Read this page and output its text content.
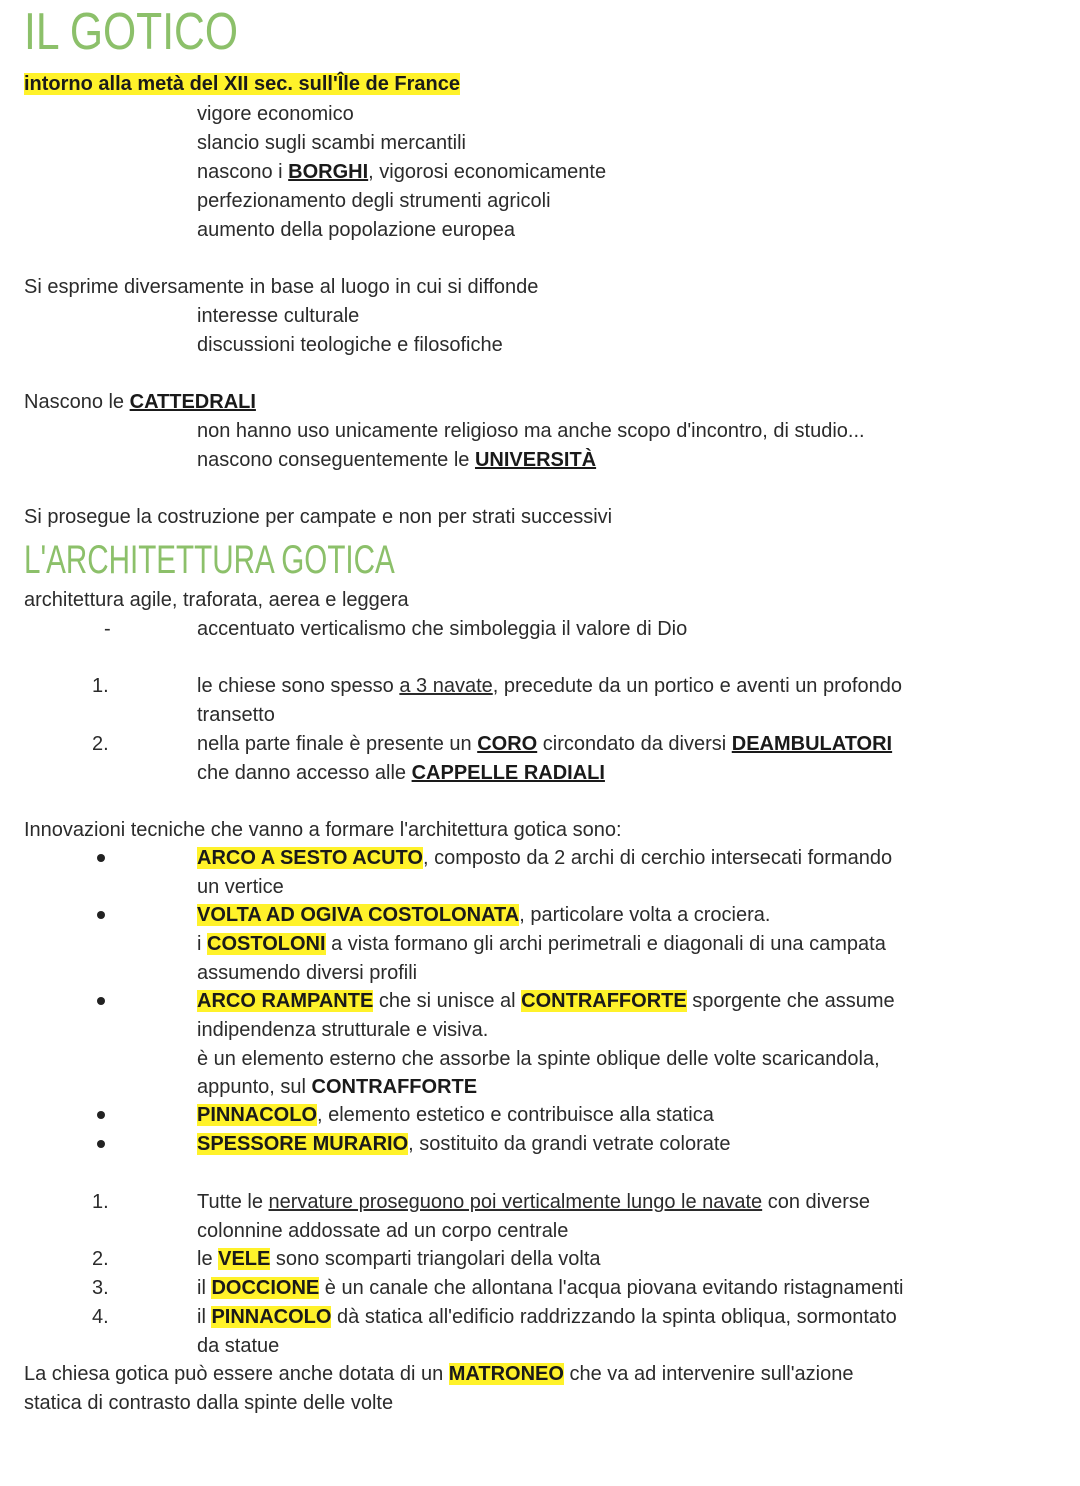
IL GOTICO
intorno alla metà del XII sec. sull'Île de France
vigore economico
slancio sugli scambi mercantili
nascono i BORGHI, vigorosi economicamente
perfezionamento degli strumenti agricoli
aumento della popolazione europea
Si esprime diversamente in base al luogo in cui si diffonde
interesse culturale
discussioni teologiche e filosofiche
Nascono le CATTEDRALI
non hanno uso unicamente religioso ma anche scopo d'incontro, di studio...
nascono conseguentemente le UNIVERSITÀ
Si prosegue la costruzione per campate e non per strati successivi
L'ARCHITETTURA GOTICA
architettura agile, traforata, aerea e leggera
-	accentuato verticalismo che simboleggia il valore di Dio
1.	le chiese sono spesso a 3 navate, precedute da un portico e aventi un profondo
transetto
2.	nella parte finale è presente un CORO circondato da diversi DEAMBULATORI
che danno accesso alle CAPPELLE RADIALI
Innovazioni tecniche che vanno a formare l'architettura gotica sono:
ARCO A SESTO ACUTO, composto da 2 archi di cerchio intersecati formando
un vertice
VOLTA AD OGIVA COSTOLONATA, particolare volta a crociera.
i COSTOLONI a vista formano gli archi perimetrali e diagonali di una campata
assumendo diversi profili
ARCO RAMPANTE che si unisce al CONTRAFFORTE sporgente che assume
indipendenza strutturale e visiva.
è un elemento esterno che assorbe la spinte oblique delle volte scaricandola,
appunto, sul CONTRAFFORTE
PINNACOLO, elemento estetico e contribuisce alla statica
SPESSORE MURARIO, sostituito da grandi vetrate colorate
1.	Tutte le nervature proseguono poi verticalmente lungo le navate con diverse
colonnine addossate ad un corpo centrale
2.	le VELE sono scomparti triangolari della volta
3.	il DOCCIONE è un canale che allontana l'acqua piovana evitando ristagnamenti
4.	il PINNACOLO dà statica all'edificio raddrizzando la spinta obliqua, sormontato
da statue
La chiesa gotica può essere anche dotata di un MATRONEO che va ad intervenire sull'azione
statica di contrasto dalla spinte delle volte
